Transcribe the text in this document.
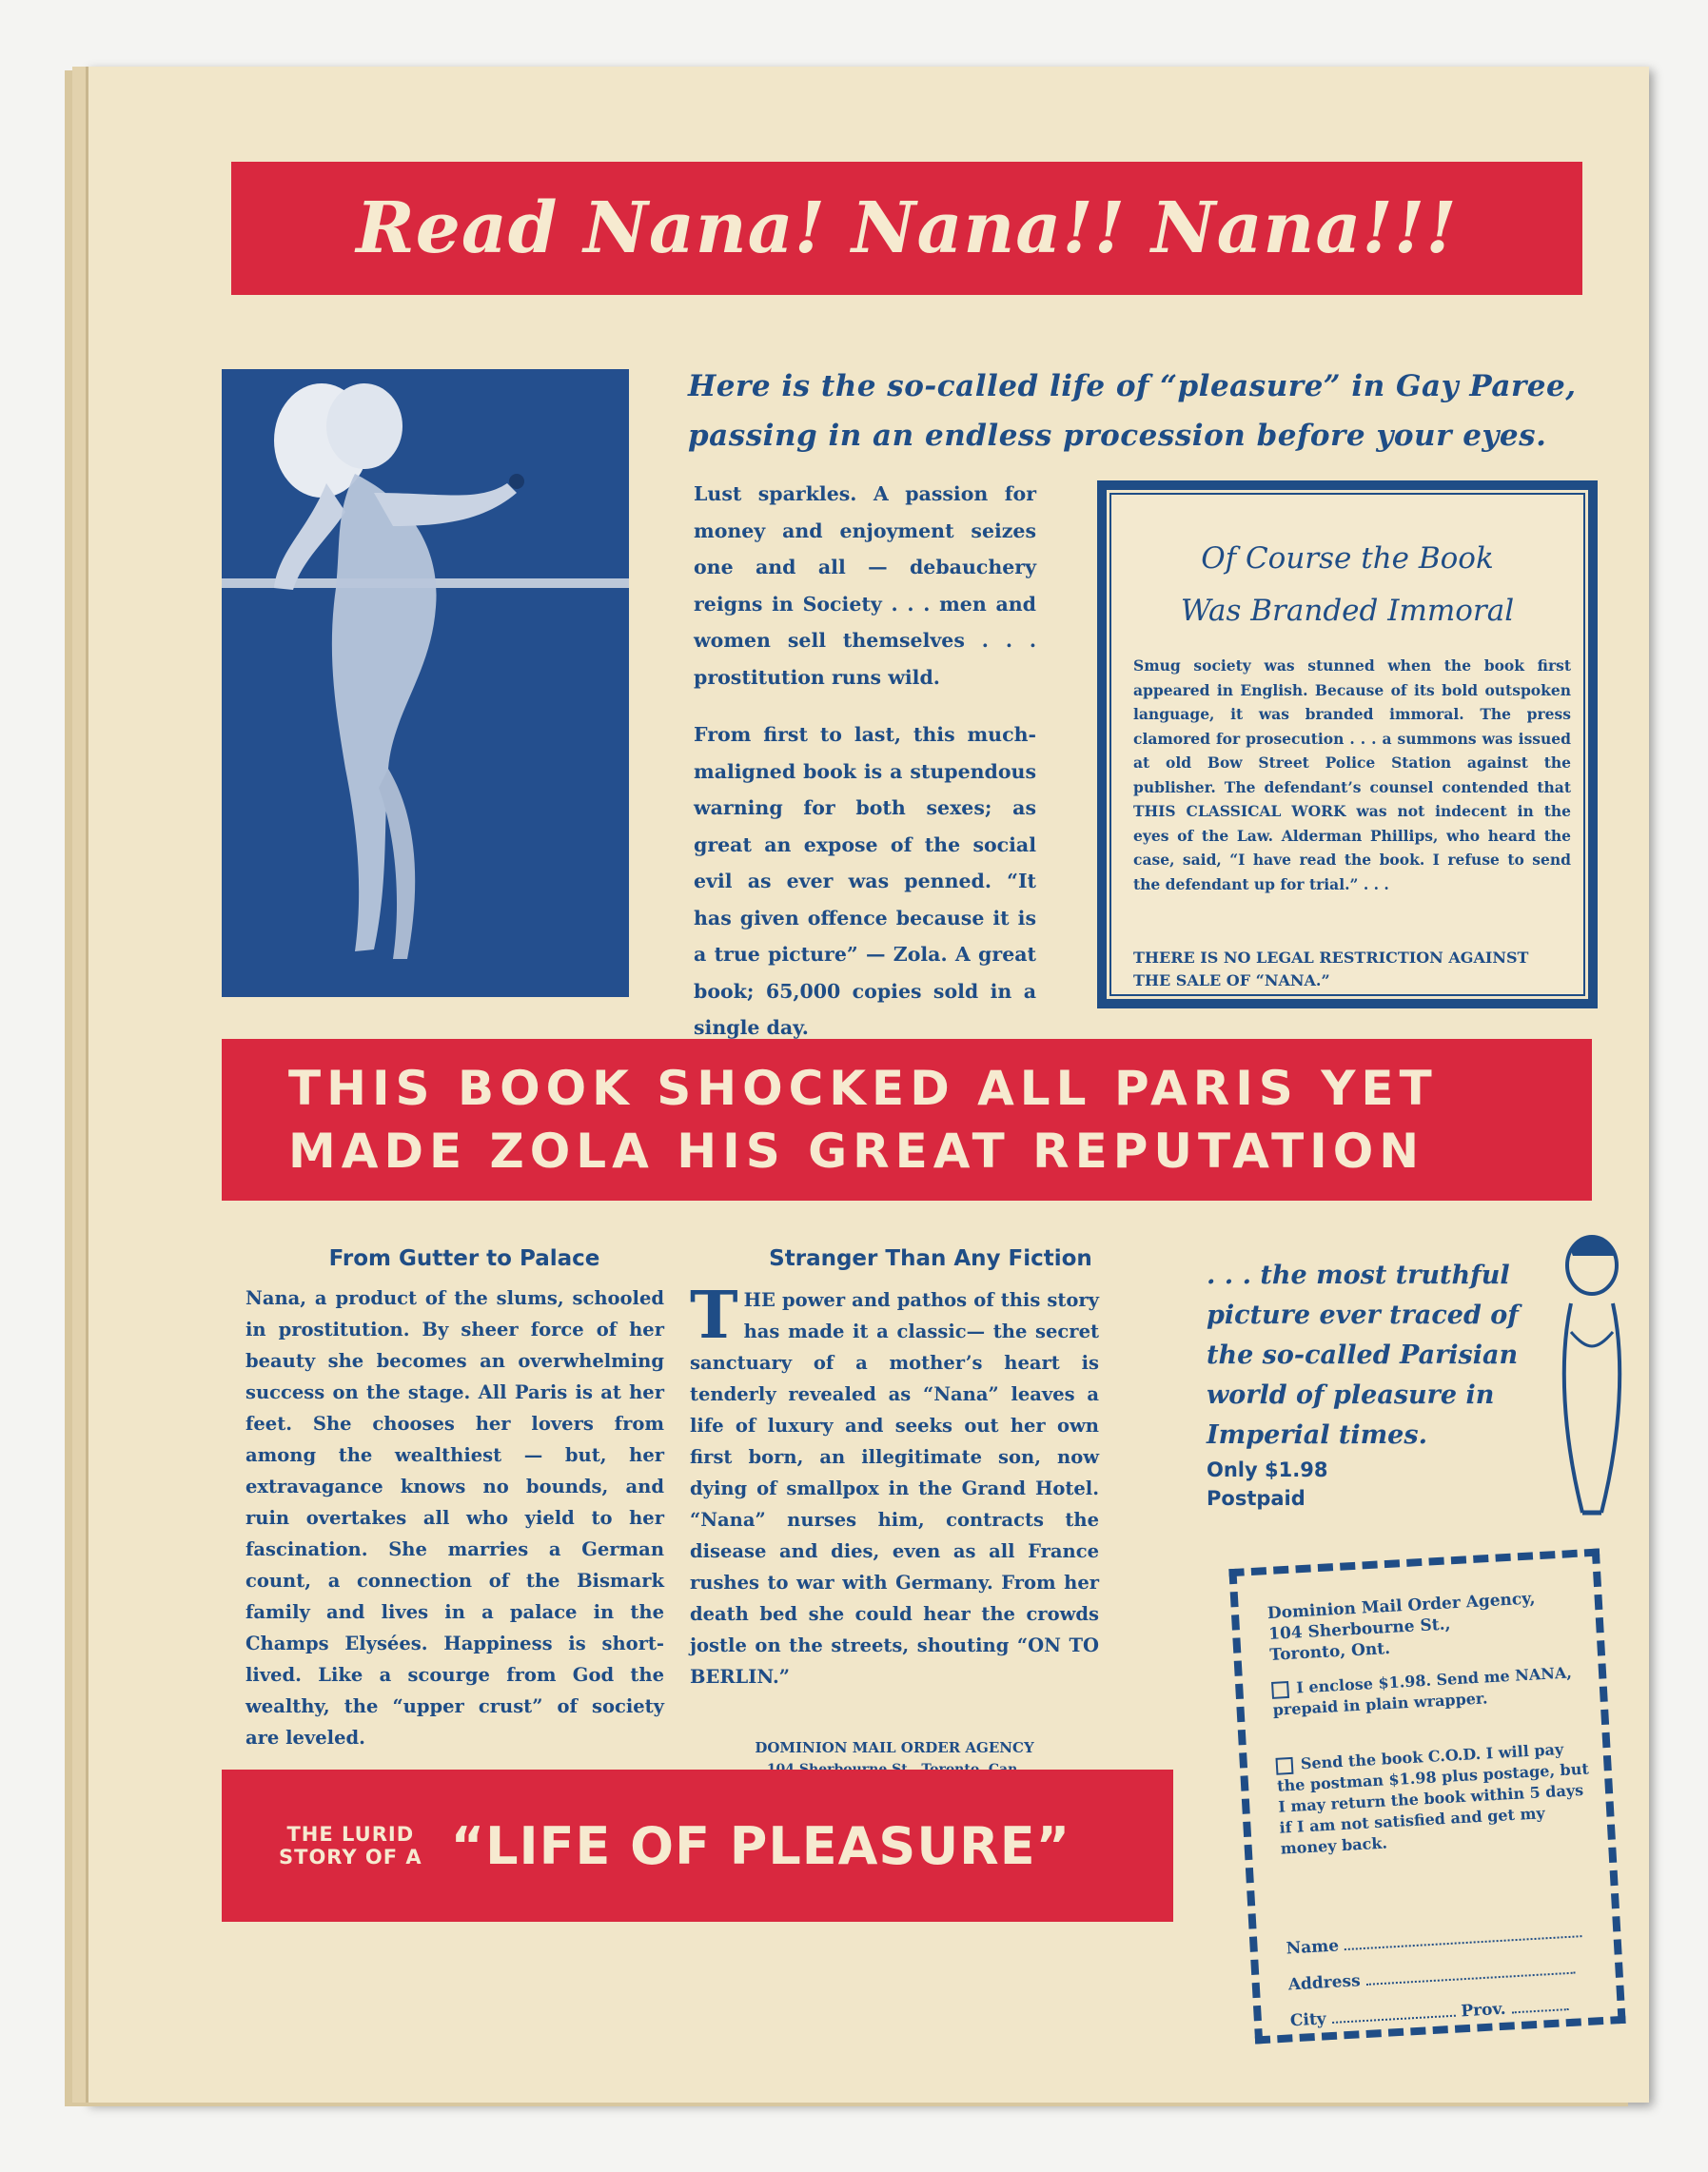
Read Nana! Nana!! Nana!!!
Here is the so-called life of “pleasure” in Gay Paree, passing in an endless procession before your eyes.

Lust sparkles. A passion for money and enjoyment seizes one and all — debauchery reigns in Society . . . men and women sell themselves . . . prostitution runs wild.

From first to last, this much-maligned book is a stupendous warning for both sexes; as great an expose of the social evil as ever was penned. “It has given offence because it is a true picture” — Zola. A great book; 65,000 copies sold in a single day.

Of Course the Book
Was Branded Immoral
Smug society was stunned when the book first appeared in English. Because of its bold outspoken language, it was branded immoral. The press clamored for prosecution . . . a summons was issued at old Bow Street Police Station against the publisher. The defendant’s counsel contended that THIS CLASSICAL WORK was not indecent in the eyes of the Law. Alderman Phillips, who heard the case, said, “I have read the book. I refuse to send the defendant up for trial.” . . .
THERE IS NO LEGAL RESTRICTION AGAINST THE SALE OF “NANA.”
THIS BOOK SHOCKED ALL PARIS YET
MADE ZOLA HIS GREAT REPUTATION
From Gutter to Palace
Nana, a product of the slums, schooled in prostitution. By sheer force of her beauty she becomes an overwhelming success on the stage. All Paris is at her feet. She chooses her lovers from among the wealthiest — but, her extravagance knows no bounds, and ruin overtakes all who yield to her fascination. She marries a German count, a connection of the Bismark family and lives in a palace in the Champs Elysées. Happiness is short-lived. Like a scourge from God the wealthy, the “upper crust” of society are leveled.
Stranger Than Any Fiction
THE power and pathos of this story has made it a classic— the secret sanctuary of a mother’s heart is tenderly revealed as “Nana” leaves a life of luxury and seeks out her own first born, an illegitimate son, now dying of smallpox in the Grand Hotel. “Nana” nurses him, contracts the disease and dies, even as all France rushes to war with Germany. From her death bed she could hear the crowds jostle on the streets, shouting “ON TO BERLIN.”
DOMINION MAIL ORDER AGENCY
. . . the most truthful picture ever traced of the so-called Parisian world of pleasure in Imperial times.
Only $1.98
Postpaid
Dominion Mail Order Agency,
104 Sherbourne St.,
Toronto, Ont.
I enclose $1.98. Send me NANA, prepaid in plain wrapper.
Send the book C.O.D. I will pay the postman $1.98 plus postage, but I may return the book within 5 days if I am not satisfied and get my money back.
Name
Address
City	Prov.
THE LURID
STORY OF A “LIFE OF PLEASURE”
